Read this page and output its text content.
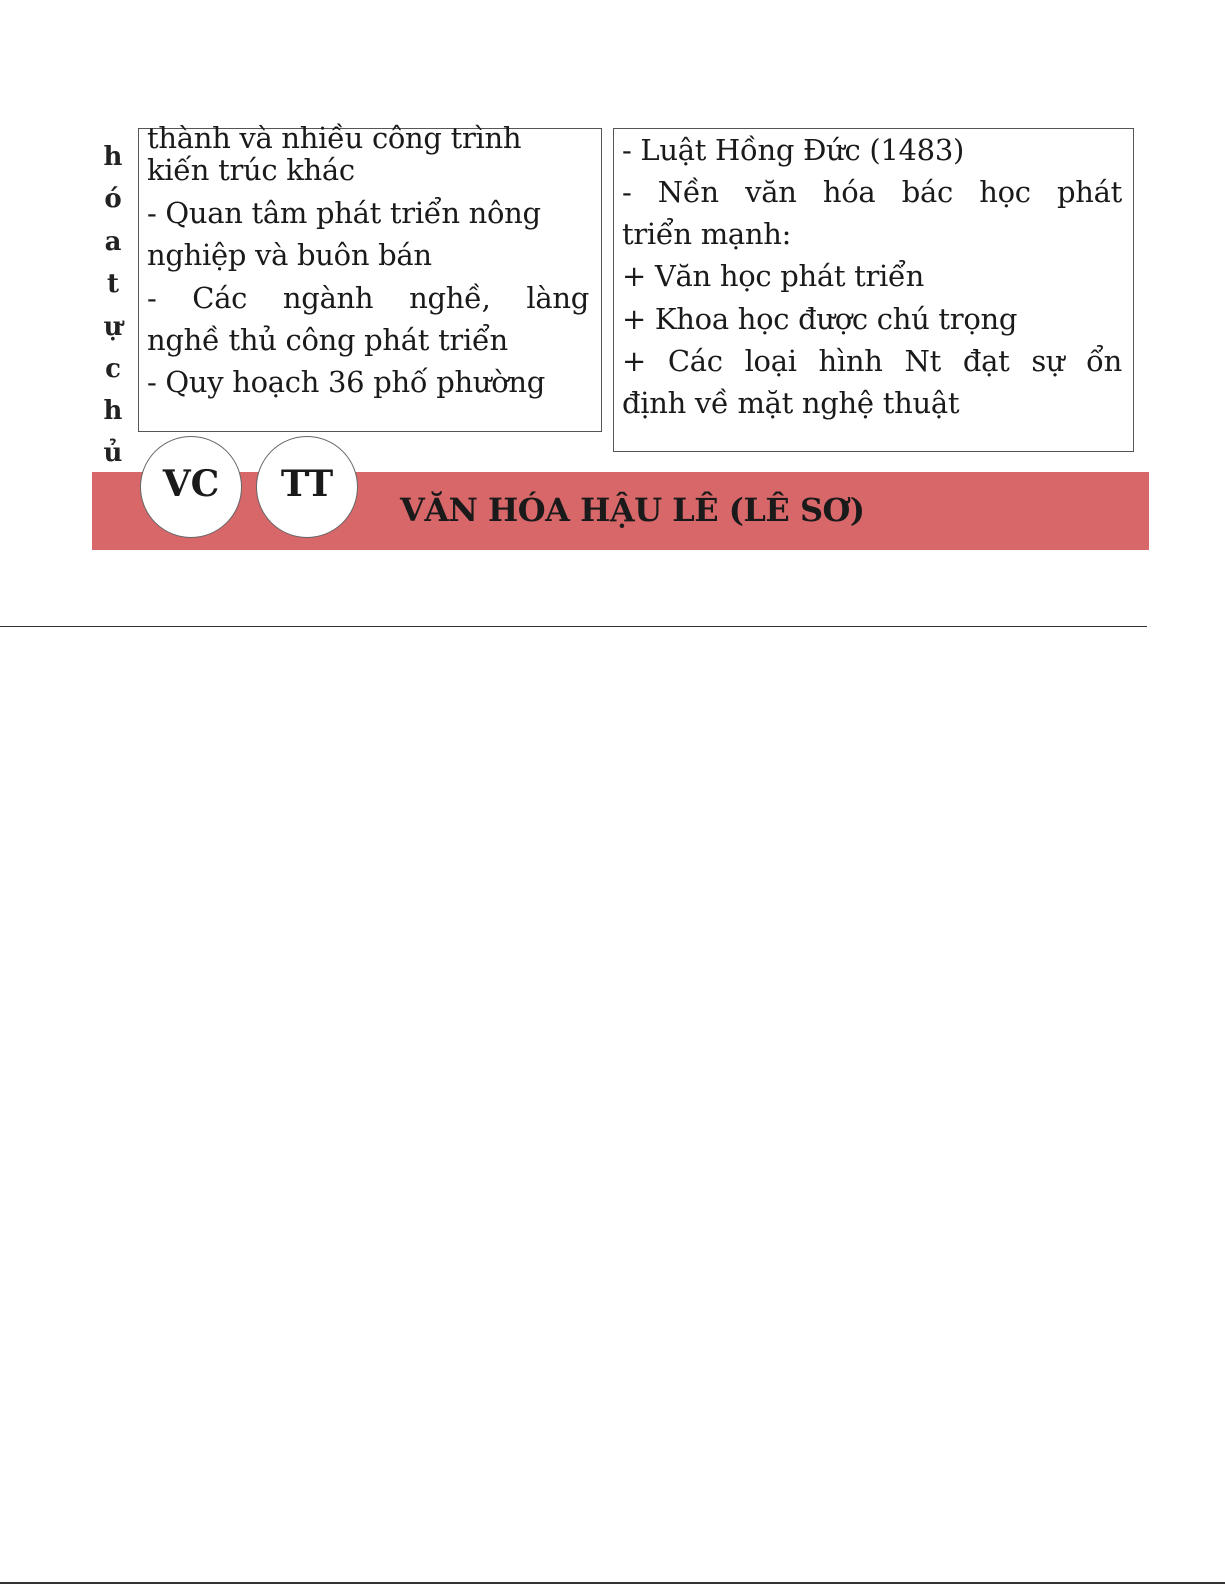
h
ó
a
t
ự
c
h
ủ
thành và nhiều công trình
kiến trúc khác
- Quan tâm phát triển nông
nghiệp và buôn bán
- Các ngành nghề, làng
nghề thủ công phát triển
- Quy hoạch 36 phố phường
- Luật Hồng Đức (1483)
- Nền văn hóa bác học phát
triển mạnh:
+ Văn học phát triển
+ Khoa học được chú trọng
+ Các loại hình Nt đạt sự ổn
định về mặt nghệ thuật
VĂN HÓA HẬU LÊ (LÊ SƠ)
VC TT
